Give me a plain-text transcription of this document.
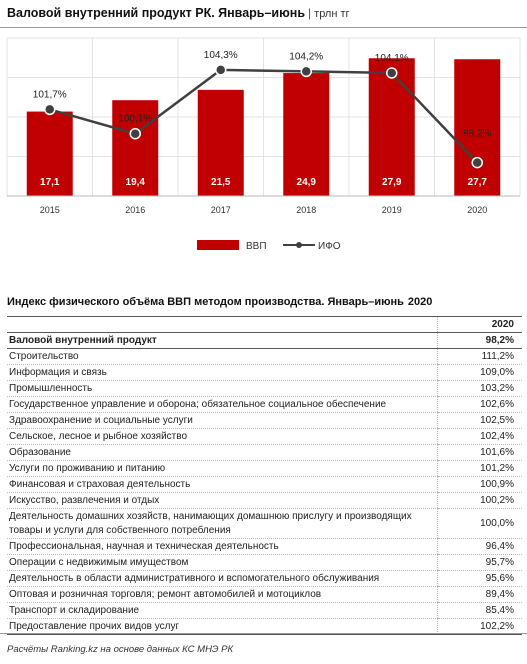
Валовой внутренний продукт РК. Январь–июнь | трлн тг
17,1
2015
19,4
2016
21,5
2017
24,9
2018
27,9
2019
27,7
2020
101,7%
100,1%
104,3%	104,2%	104,1%
98,2%
ВВП	ИФО
Индекс физического объёма ВВП методом производства. Январь–июнь 2020
	2020
Валовой внутренний продукт	98,2%
Строительство	111,2%
Информация и связь	109,0%
Промышленность	103,2%
Государственное управление и оборона; обязательное социальное обеспечение	102,6%
Здравоохранение и социальные услуги	102,5%
Сельское, лесное и рыбное хозяйство	102,4%
Образование	101,6%
Услуги по проживанию и питанию	101,2%
Финансовая и страховая деятельность	100,9%
Искусство, развлечения и отдых	100,2%
Деятельность домашних хозяйств, нанимающих домашнюю прислугу и производящих товары и услуги для собственного потребления	100,0%
Профессиональная, научная и техническая деятельность	96,4%
Операции с недвижимым имуществом	95,7%
Деятельность в области административного и вспомогательного обслуживания	95,6%
Оптовая и розничная торговля; ремонт автомобилей и мотоциклов	89,4%
Транспорт и складирование	85,4%
Предоставление прочих видов услуг	102,2%
Расчёты Ranking.kz на основе данных КС МНЭ РК
